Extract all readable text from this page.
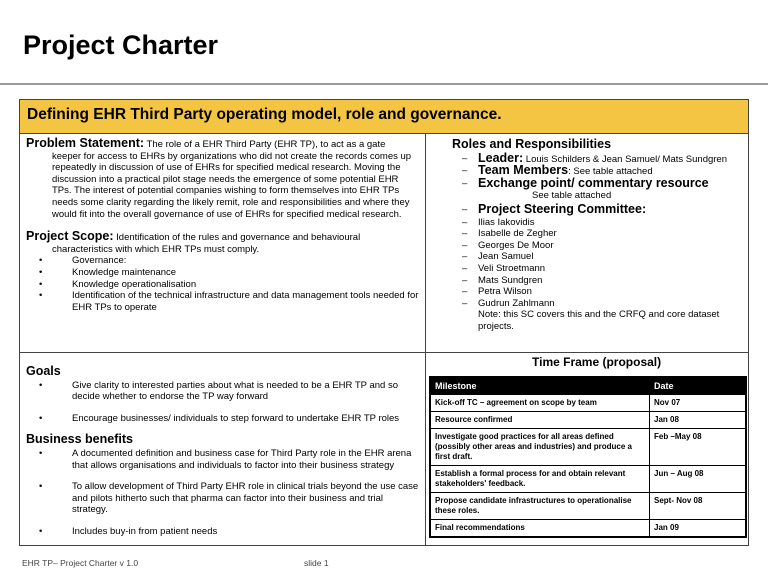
Project Charter
Defining EHR Third Party operating model, role and governance.
Problem Statement: The role of a EHR Third Party (EHR TP), to act as a gate
keeper for access to EHRs by organizations who did not create the records comes up repeatedly in discussion of use of EHRs for specified medical research. Moving the discussion into a practical pilot stage needs the emergence of some potential EHR TPs. The interest of potential companies wishing to form themselves into EHR TPs needs some clarity regarding the likely remit, role and responsibilities and where they would fit into the overall governance of use of EHRs for specified medical research.
Project Scope: Identification of the rules and governance and behavioural
characteristics with which EHR TPs must comply.
• Governance:
• Knowledge maintenance
• Knowledge operationalisation
• Identification of the technical infrastructure and data management tools needed for EHR TPs to operate
Goals
• Give clarity to interested parties about what is needed to be a EHR TP and so decide whether to endorse the TP way forward
• Encourage businesses/ individuals to step forward to undertake EHR TP roles
Business benefits
• A documented definition and business case for Third Party role in the EHR arena that allows organisations and individuals to factor into their business strategy
• To allow development of Third Party EHR role in clinical trials beyond the use case and pilots hitherto such that pharma can factor into their business and trial strategy.
• Includes buy-in from patient needs
Roles and Responsibilities
– Leader: Louis Schilders & Jean Samuel/ Mats Sundgren
– Team Members: See table attached
– Exchange point/ commentary resource
See table attached
– Project Steering Committee:
– Ilias Iakovidis
– Isabelle de Zegher
– Georges De Moor
– Jean Samuel
– Veli Stroetmann
– Mats Sundgren
– Petra Wilson
– Gudrun Zahlmann
Note: this SC covers this and the CRFQ and core dataset projects.
Time Frame (proposal)
Milestone	Date
Kick-off TC – agreement on scope by team	Nov 07
Resource confirmed	Jan 08
Investigate good practices for all areas defined (possibly other areas and industries) and produce a first draft.	Feb –May 08
Establish a formal process for and obtain relevant stakeholders' feedback.	Jun – Aug 08
Propose candidate infrastructures to operationalise these roles.	Sept- Nov 08
Final recommendations	Jan 09
EHR TP– Project Charter v 1.0	slide 1
